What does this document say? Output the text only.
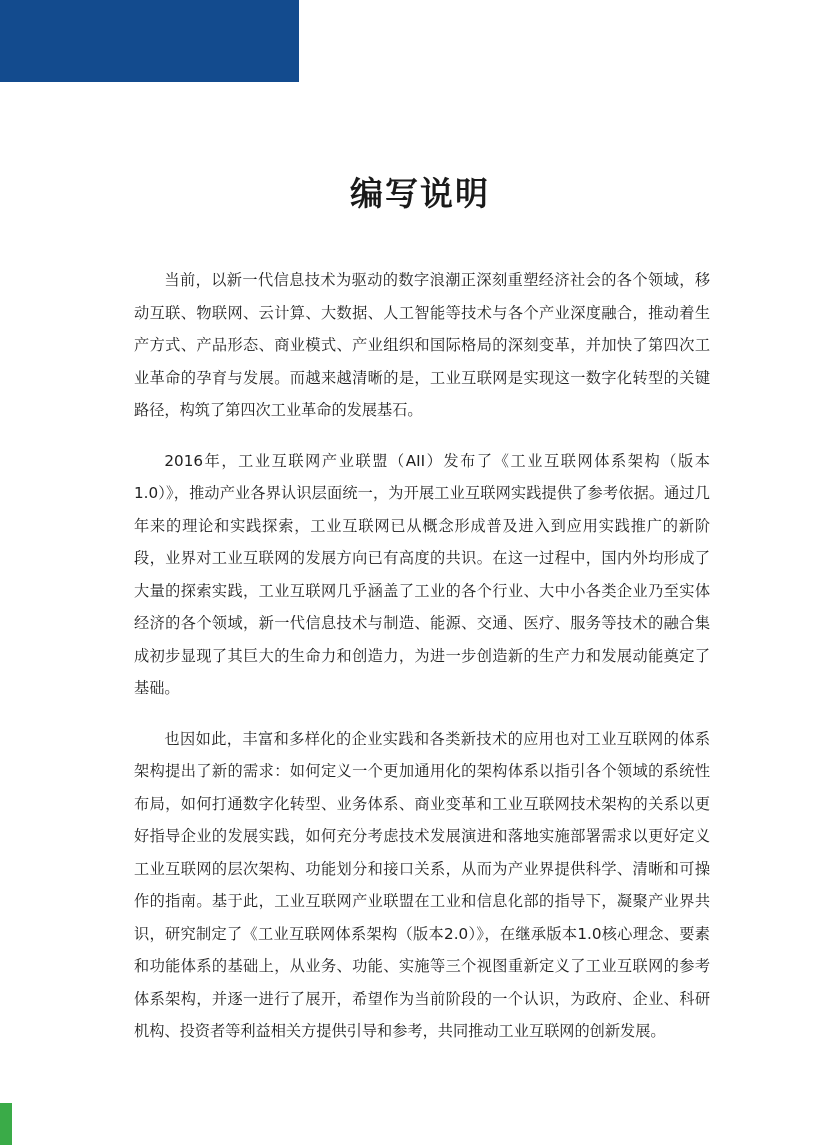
编写说明

当前，以新一代信息技术为驱动的数字浪潮正深刻重塑经济社会的各个领域，移动互联、物联网、云计算、大数据、人工智能等技术与各个产业深度融合，推动着生产方式、产品形态、商业模式、产业组织和国际格局的深刻变革，并加快了第四次工业革命的孕育与发展。而越来越清晰的是，工业互联网是实现这一数字化转型的关键路径，构筑了第四次工业革命的发展基石。

2016年，工业互联网产业联盟（AII）发布了《工业互联网体系架构（版本1.0）》，推动产业各界认识层面统一，为开展工业互联网实践提供了参考依据。通过几年来的理论和实践探索，工业互联网已从概念形成普及进入到应用实践推广的新阶段，业界对工业互联网的发展方向已有高度的共识。在这一过程中，国内外均形成了大量的探索实践，工业互联网几乎涵盖了工业的各个行业、大中小各类企业乃至实体经济的各个领域，新一代信息技术与制造、能源、交通、医疗、服务等技术的融合集成初步显现了其巨大的生命力和创造力，为进一步创造新的生产力和发展动能奠定了基础。

也因如此，丰富和多样化的企业实践和各类新技术的应用也对工业互联网的体系架构提出了新的需求：如何定义一个更加通用化的架构体系以指引各个领域的系统性布局，如何打通数字化转型、业务体系、商业变革和工业互联网技术架构的关系以更好指导企业的发展实践，如何充分考虑技术发展演进和落地实施部署需求以更好定义工业互联网的层次架构、功能划分和接口关系，从而为产业界提供科学、清晰和可操作的指南。基于此，工业互联网产业联盟在工业和信息化部的指导下，凝聚产业界共识，研究制定了《工业互联网体系架构（版本2.0）》，在继承版本1.0核心理念、要素和功能体系的基础上，从业务、功能、实施等三个视图重新定义了工业互联网的参考体系架构，并逐一进行了展开，希望作为当前阶段的一个认识，为政府、企业、科研机构、投资者等利益相关方提供引导和参考，共同推动工业互联网的创新发展。
